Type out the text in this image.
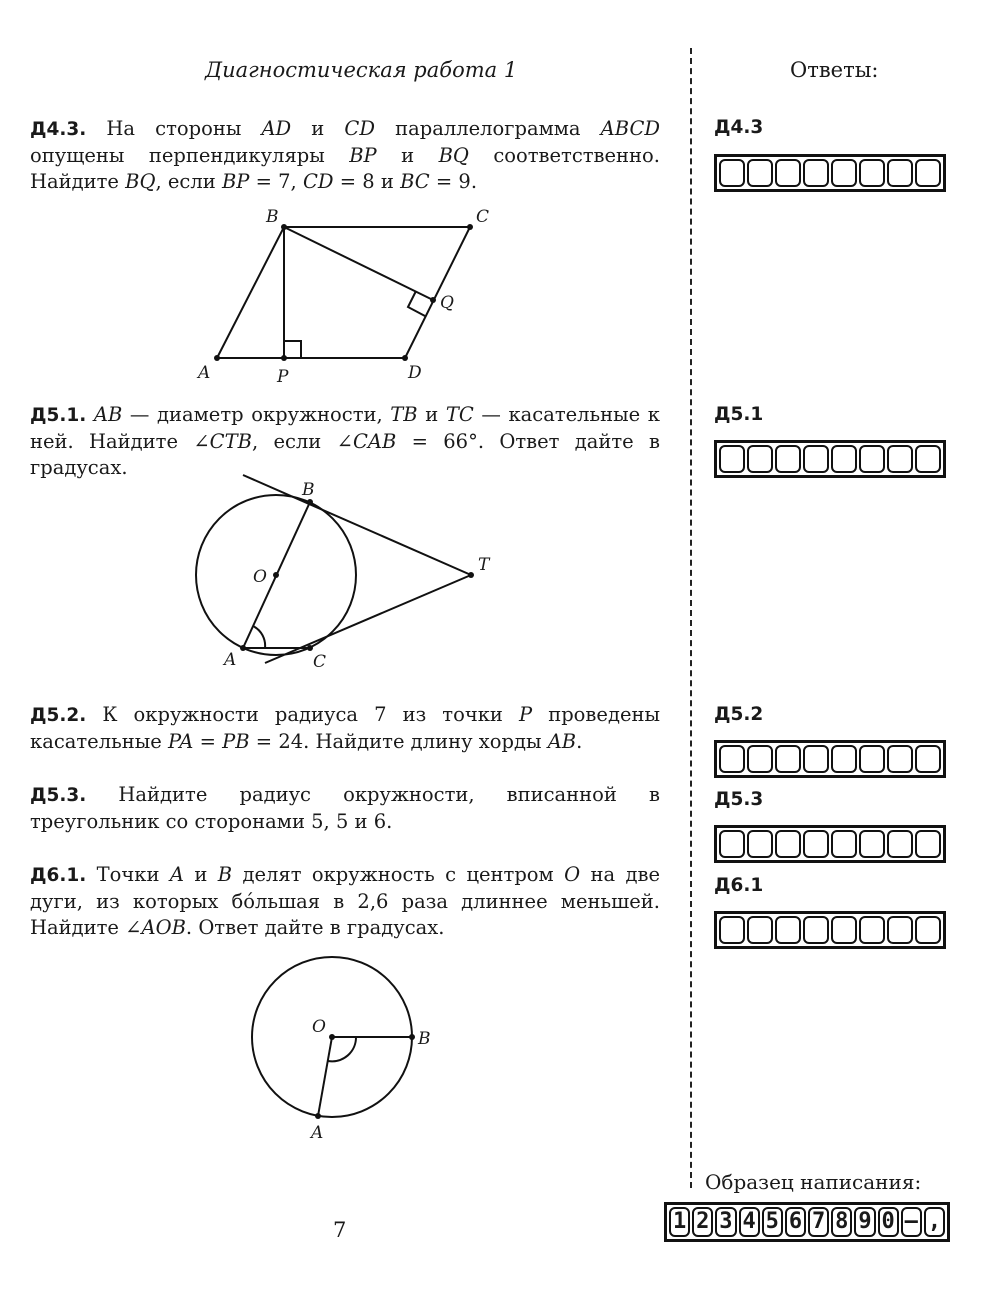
Диагностическая работа 1	Ответы:
Д4.3. На стороны AD и CD параллелограмма ABCD опущены перпендикуляры BP и BQ соответственно. Найдите BQ, если BP = 7, CD = 8 и BC = 9.
A
B	C
D
P
Q
Д5.1. AB — диаметр окружности, TB и TC — касательные к ней. Найдите ∠CTB, если ∠CAB = 66°. Ответ дайте в градусах.
B
O
A	C
T
Д5.2. К окружности радиуса 7 из точки P проведены касательные PA = PB = 24. Найдите длину хорды AB.
Д5.3. Найдите радиус окружности, вписанной в треугольник со сторонами 5, 5 и 6.
Д6.1. Точки A и B делят окружность с центром O на две дуги, из которых бóльшая в 2,6 раза длиннее меньшей. Найдите ∠AOB. Ответ дайте в градусах.
O
B
A
Д4.3
Д5.1
Д5.2
Д5.3
Д6.1
Образец написания:
1 2 3 4 5 6 7 8 9 0 – ,
7
